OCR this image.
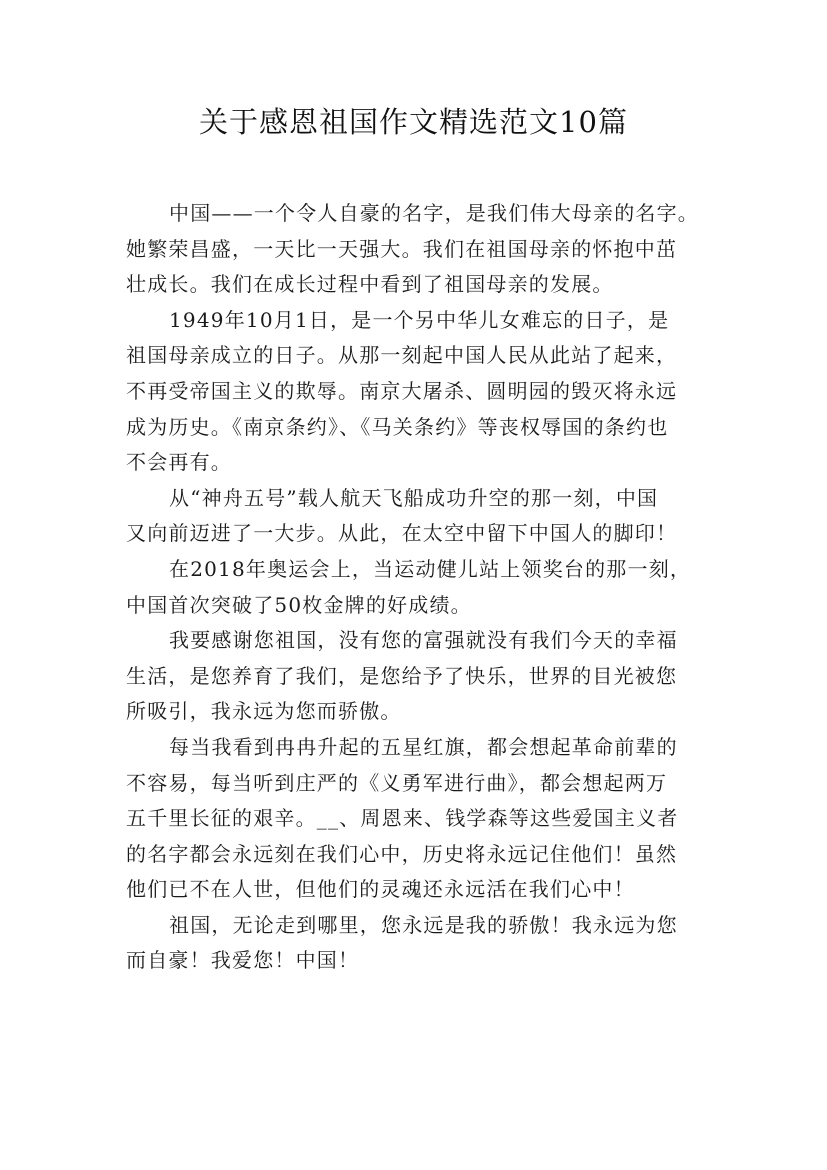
关于感恩祖国作文精选范文10篇
中国——一个令人自豪的名字，是我们伟大母亲的名字。
她繁荣昌盛，一天比一天强大。我们在祖国母亲的怀抱中茁
壮成长。我们在成长过程中看到了祖国母亲的发展。
1949年10月1日，是一个另中华儿女难忘的日子，是
祖国母亲成立的日子。从那一刻起中国人民从此站了起来，
不再受帝国主义的欺辱。南京大屠杀、圆明园的毁灭将永远
成为历史。《南京条约》、《马关条约》等丧权辱国的条约也
不会再有。
从“神舟五号”载人航天飞船成功升空的那一刻，中国
又向前迈进了一大步。从此，在太空中留下中国人的脚印！
在2018年奥运会上，当运动健儿站上领奖台的那一刻，
中国首次突破了50枚金牌的好成绩。
我要感谢您祖国，没有您的富强就没有我们今天的幸福
生活，是您养育了我们，是您给予了快乐，世界的目光被您
所吸引，我永远为您而骄傲。
每当我看到冉冉升起的五星红旗，都会想起革命前辈的
不容易，每当听到庄严的《义勇军进行曲》，都会想起两万
五千里长征的艰辛。__、周恩来、钱学森等这些爱国主义者
的名字都会永远刻在我们心中，历史将永远记住他们！虽然
他们已不在人世，但他们的灵魂还永远活在我们心中！
祖国，无论走到哪里，您永远是我的骄傲！我永远为您
而自豪！我爱您！中国！
